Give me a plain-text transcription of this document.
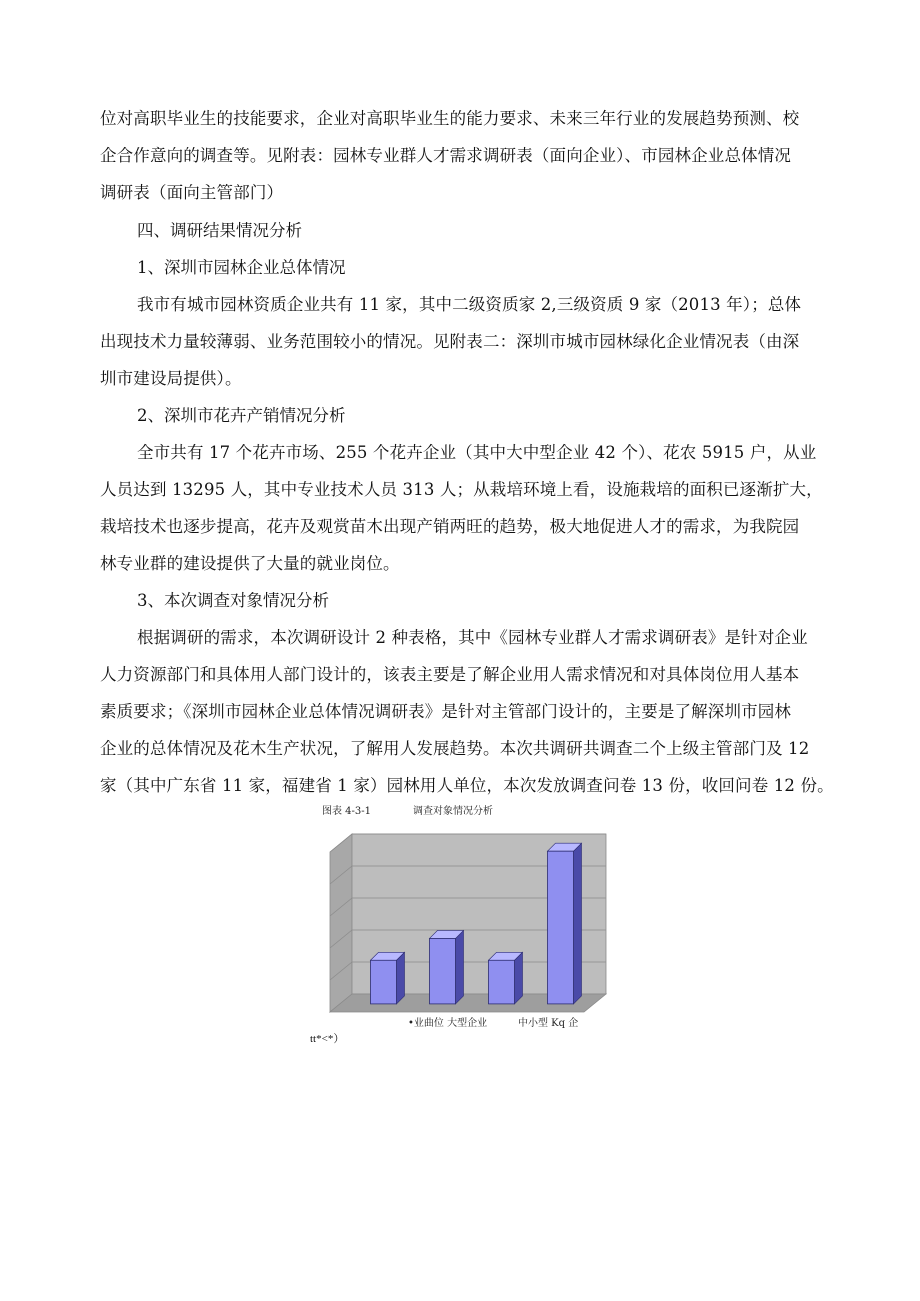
位对高职毕业生的技能要求，企业对高职毕业生的能力要求、未来三年行业的发展趋势预测、校
企合作意向的调查等。见附表：园林专业群人才需求调研表（面向企业）、市园林企业总体情况
调研表（面向主管部门）

四、调研结果情况分析

1、深圳市园林企业总体情况

我市有城市园林资质企业共有 11 家，其中二级资质家 2,三级资质 9 家（2013 年）；总体
出现技术力量较薄弱、业务范围较小的情况。见附表二：深圳市城市园林绿化企业情况表（由深
圳市建设局提供）。

2、深圳市花卉产销情况分析

全市共有 17 个花卉市场、255 个花卉企业（其中大中型企业 42 个）、花农 5915 户，从业
人员达到 13295 人，其中专业技术人员 313 人；从栽培环境上看，设施栽培的面积已逐渐扩大，
栽培技术也逐步提高，花卉及观赏苗木出现产销两旺的趋势，极大地促进人才的需求，为我院园
林专业群的建设提供了大量的就业岗位。

3、本次调查对象情况分析

根据调研的需求，本次调研设计 2 种表格，其中《园林专业群人才需求调研表》是针对企业
人力资源部门和具体用人部门设计的，该表主要是了解企业用人需求情况和对具体岗位用人基本
素质要求；《深圳市园林企业总体情况调研表》是针对主管部门设计的，主要是了解深圳市园林
企业的总体情况及花木生产状况，了解用人发展趋势。本次共调研共调查二个上级主管部门及 12
家（其中广东省 11 家，福建省 1 家）园林用人单位，本次发放调查问卷 13 份，收回问卷 12 份。
图表 4-3-1	调查对象情况分析
•业曲位 大型企业	中小型 Kq 企
tt*<*）
